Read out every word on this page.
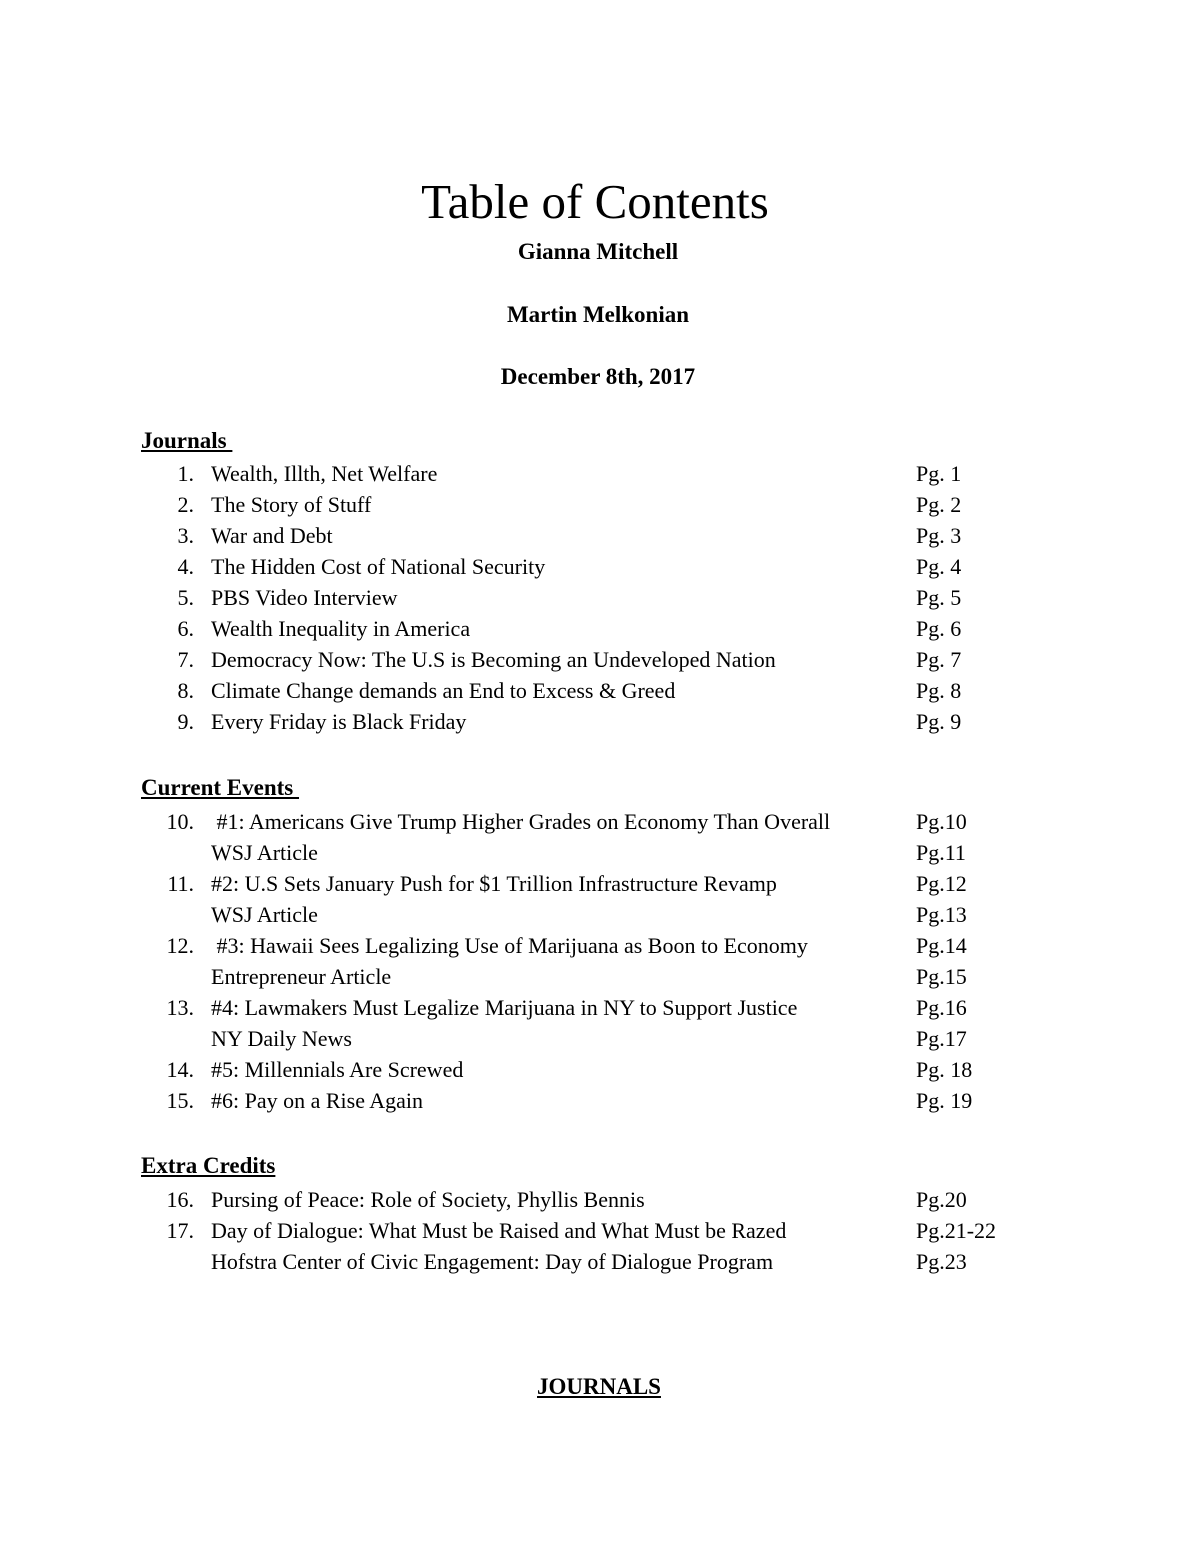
Table of Contents
Gianna Mitchell
Martin Melkonian
December 8th, 2017
Journals
1. Wealth, Illth, Net Welfare	Pg. 1
2. The Story of Stuff	Pg. 2
3. War and Debt	Pg. 3
4. The Hidden Cost of National Security	Pg. 4
5. PBS Video Interview	Pg. 5
6. Wealth Inequality in America	Pg. 6
7. Democracy Now: The U.S is Becoming an Undeveloped Nation	Pg. 7
8. Climate Change demands an End to Excess & Greed	Pg. 8
9. Every Friday is Black Friday	Pg. 9
Current Events
10. #1: Americans Give Trump Higher Grades on Economy Than Overall	Pg.10
WSJ Article	Pg.11
11. #2: U.S Sets January Push for $1 Trillion Infrastructure Revamp	Pg.12
WSJ Article	Pg.13
12. #3: Hawaii Sees Legalizing Use of Marijuana as Boon to Economy	Pg.14
Entrepreneur Article	Pg.15
13. #4: Lawmakers Must Legalize Marijuana in NY to Support Justice	Pg.16
NY Daily News	Pg.17
14. #5: Millennials Are Screwed	Pg. 18
15. #6: Pay on a Rise Again	Pg. 19
Extra Credits
16. Pursing of Peace: Role of Society, Phyllis Bennis	Pg.20
17. Day of Dialogue: What Must be Raised and What Must be Razed	Pg.21-22
Hofstra Center of Civic Engagement: Day of Dialogue Program	Pg.23
JOURNALS
